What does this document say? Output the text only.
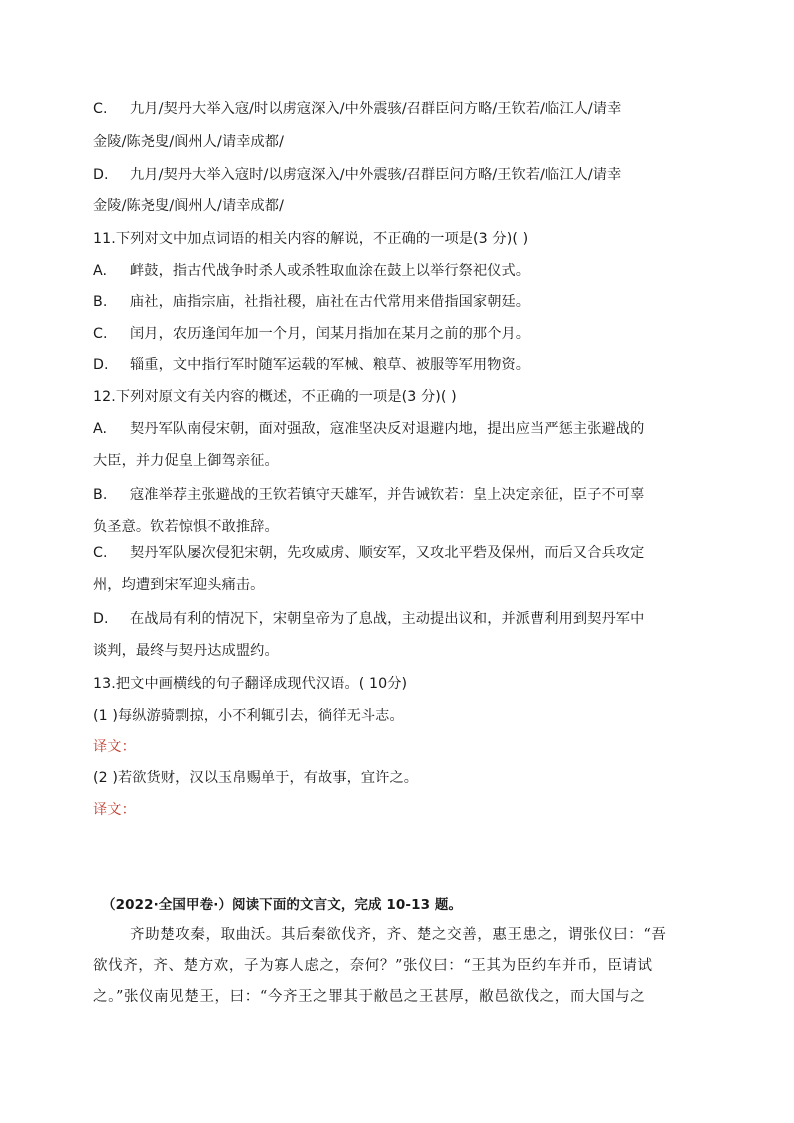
C. 九月/契丹大举入寇/时以虏寇深入/中外震骇/召群臣问方略/王钦若/临江人/请幸
金陵/陈尧叟/阆州人/请幸成都/
D. 九月/契丹大举入寇时/以虏寇深入/中外震骇/召群臣问方略/王钦若/临江人/请幸
金陵/陈尧叟/阆州人/请幸成都/
11.下列对文中加点词语的相关内容的解说，不正确的一项是(3 分)( )
A. 衅鼓，指古代战争时杀人或杀牲取血涂在鼓上以举行祭祀仪式。
B. 庙社，庙指宗庙，社指社稷，庙社在古代常用来借指国家朝廷。
C. 闰月，农历逢闰年加一个月，闰某月指加在某月之前的那个月。
D. 辎重，文中指行军时随军运载的军械、粮草、被服等军用物资。
12.下列对原文有关内容的概述，不正确的一项是(3 分)( )
A. 契丹军队南侵宋朝，面对强敌，寇准坚决反对退避内地，提出应当严惩主张避战的
大臣，并力促皇上御驾亲征。
B. 寇准举荐主张避战的王钦若镇守天雄军，并告诫钦若：皇上决定亲征，臣子不可辜
负圣意。钦若惊惧不敢推辞。
C. 契丹军队屡次侵犯宋朝，先攻威虏、顺安军，又攻北平砦及保州，而后又合兵攻定
州，均遭到宋军迎头痛击。
D. 在战局有利的情况下，宋朝皇帝为了息战，主动提出议和，并派曹利用到契丹军中
谈判，最终与契丹达成盟约。
13.把文中画横线的句子翻译成现代汉语。( 10分)
(1 )每纵游骑剽掠，小不利辄引去，徜徉无斗志。
译文：
(2 )若欲货财，汉以玉帛赐单于，有故事，宜许之。
译文：
（2022·全国甲卷·）阅读下面的文言文，完成 10-13 题。
齐助楚攻秦，取曲沃。其后秦欲伐齐，齐、楚之交善，惠王患之，谓张仪曰：“吾
欲伐齐，齐、楚方欢，子为寡人虑之，奈何？”张仪曰：“王其为臣约车并币，臣请试
之。”张仪南见楚王，曰：“今齐王之罪其于敝邑之王甚厚，敝邑欲伐之，而大国与之
